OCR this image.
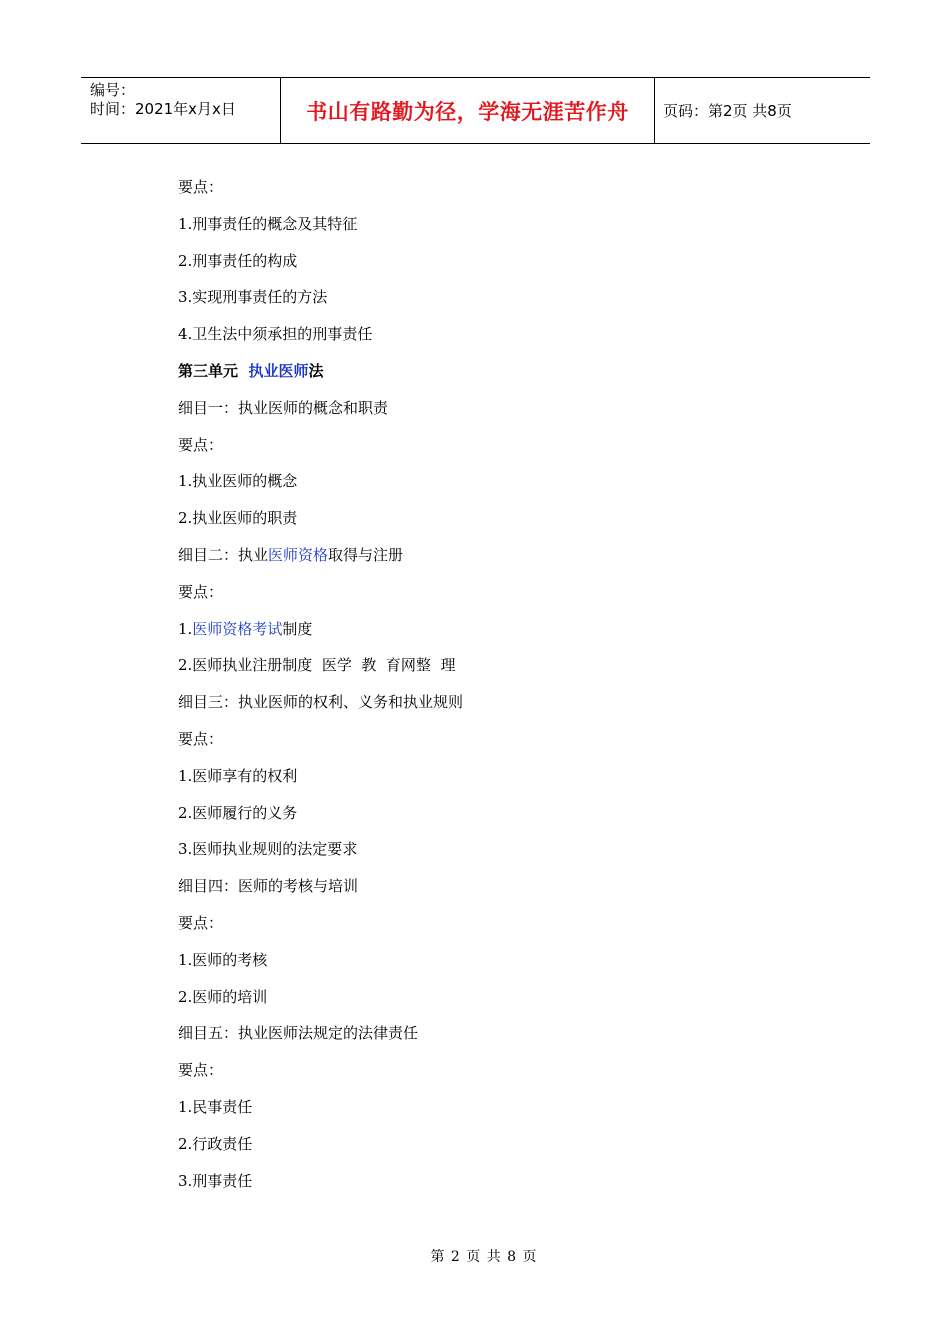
编号：
时间：2021年x月x日	书山有路勤为径，学海无涯苦作舟 页码：第2页 共8页
要点：
1.刑事责任的概念及其特征
2.刑事责任的构成
3.实现刑事责任的方法
4.卫生法中须承担的刑事责任
第三单元  执业医师法
细目一：执业医师的概念和职责
要点：
1.执业医师的概念
2.执业医师的职责
细目二：执业医师资格取得与注册
要点：
1.医师资格考试制度
2.医师执业注册制度  医学  教  育网整  理
细目三：执业医师的权利、义务和执业规则
要点：
1.医师享有的权利
2.医师履行的义务
3.医师执业规则的法定要求
细目四：医师的考核与培训
要点：
1.医师的考核
2.医师的培训
细目五：执业医师法规定的法律责任
要点：
1.民事责任
2.行政责任
3.刑事责任
第 2 页 共 8 页
